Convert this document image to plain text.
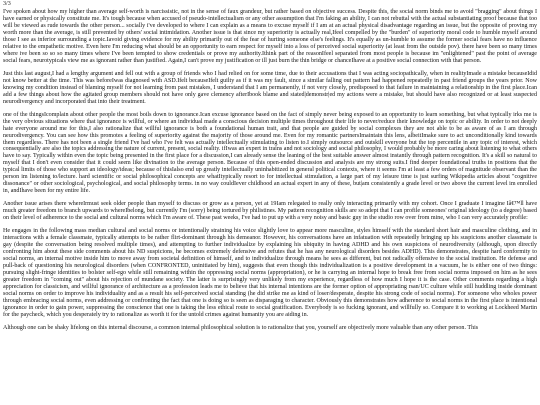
3/3

I've spoken about how my higher than average self-worth is narcissistic, not in the sense of faux grandeur, but rather based on objective success. Despite this, the social norm binds me to avoid "bragging" about things I have earned or physically constitute me. It's tough because when accused of pseudo-intellectualism or any other assumption that I'm faking an ability, I can not rebuttal with the actual substantiating proof because that too will be viewed as rude towards the other person... socially i've developed to where I can explain as a means to excuse myself if I am at an actual physical disadvantage regarding an issue, but the opposite of proving my worth more than the average, is still prevented by others' social intimidation. Another issue is that since my superiority is actually real,Ifeel compelled by the "burden" of superiority moral code to humble myself around those I see as inferior surrounding a topic.Iavoid giving evidence for my ability primarily out of the fear of hurting someone else's feelings. It's equally as un-humble to assume the former social fears have no influence relative to the empathetic motive. Even here I'm reducing what should be an opportunity to earn respect for myself into a loss of perceived social superiority (at least from the outside pov). there have been so many times where ive been so so so many times where I've been tempted to show credentials or prove my authority.Ithink part of the reasonIfeel separated from most people is because im "enlightened" past the point of average social fears, neurotypicals view me as ignorant rather than justified. Again,I can't prove my justification or ill just burn the thin bridge or chanceIhave at a positive social connection with that person.

Just this last august,I had a lengthy argument and fell out with a group of friends who I had relied on for some time, due to their accusations that I was acting sociopathically, when in realityImade a mistake becauseIdid not know better at the time. This was beforeIwas diagnosed with ASD.Ifelt becauseIfelt guilty as if it was my fault, since a similar falling out pattern had happened repeatedly in past friend groups the years prior. Now knowing my condition instead of blaming myself for not learning from past mistakes, I understand that I am permanently, if not very closely, predisposed to that failure in maintaining a relationship in the first place.Ican add a few things about how the agitated group members should not have only gave clemency afterIbook blame and stated|demonstr|ed my actions were a mistake, but should have also recognized or at least suspected neurodivergency and incorporated that into their treatment.

one of the thingsIcomplain about other people the most boils down to ignorance.Ican excuse ignorance based on the fact of simply never being exposed to an opportunity to learn something, but what typically irks me is the very obvious situations where that ignorance is willful, or where an individual made a conscious decision multiple times throughout their life to never/reduce their knowledge on topic or ability. In order to not deeply hate everyone around me for this,I also rationalize that willful ignorance is both a foundational human trait, and that people are guided by social complexes they are not able to be as aware of as I am through neurodivergency. You can see how this promotes a feeling of superiority against the majority of those around me. Even for my romantic partnersImaintain this lens, albeitImake sure to act unconditionally kind towards them regardless. There has not been a single friend I've had who I've felt was actually intellectually stimulating to listen to.I simply outsource and outskill everyone but the top percentile in any topic of interest, which consequentially are also the topics addressing the nature of current, present, social reality. ifIwas an expert in trains and not sociology and social philosophy, I would probably be more caring about listening to what others have to say. Typically within even the topic being presented in the first place for a discussion,I can already sense the leaning of the best suitable answer almost instantly through pattern recognition. It's a skill so natural to myself that I don't even consider that it could seem like divination to the average person. Because of this open-ended discussion and analysis are my strong suits.I find deeper foundational truths in positions that the typical limits of those who support an ideology/ideas; because of thisIalso end up greatly intellectually uninhabitized in general political contexts, where it seems I'm at least a few orders of magnitude observant than the person im listening to/lecture. hard scientific or social philosophical concepts are whatItypically resort to for intellectual stimulation, a large part of my leisure time is just surfing Wikipedia articles about "cognitive dissonance" or other sociological, psychological, and social philosophy terms. in no way couldIever childhood an actual expert in any of these, but|am consistently a grade level or two above the current level im enrolled in, andIhave been for my entire life.

Another issue arises there whereIrmust seek older people than myself to discuss or grow as a person, yet at 19Iam relegated to really only interacting primarily with my cohort. Once I graduate I imagine Iâ€™ll have much greater freedom to branch upwards to whereIbelong, but currently I'm (sorry) being tortured by philistines. My pattern recognition skills are so adept that I can profile someones' original ideology (to a degree) based on their level of adherence to the social and cultural norms which I'm aware of. These past weeks, I've had to put up with a very noisy and basic guy in the studio row over from mine, who I can very accurately profile:

He engages in the following mass median cultural and social norms or intentionally straining his voice slightly love to appear more masculine, styles himself with the standard short hair and masculine clothing, and in interactions with a female classmate, typically attempts to be rather flirt-dominant through his demeanor. However, his conversations have an infatuation with repeatedly bringing up his suspicions another classmate is gay (despite the conversation being resolved multiple times), and attempting to further individualize by explaining his ubiquity in having ADHD and his own suspicions of neurodiversity (although, upon directly confronting him about these side comments about his ND suspicions, he becomes extremely defensive and refutes that he has any neurological disorders besides ADHD). This demonstrates, despite hard conformity to social norms, an internal motive inside him to move away from societal definition of himself, and to individualize through means he sees as different, but not radically offensive to the social institution. He defense and pull-back of questioning his neurological disorders (when CONFRONTED, uninitiated by him), suggests that even though this individualization is a positive development in a vacuum, he is either one of two things: pursuing slight-fringe identities to bolster self-ego while still remaining within the oppressing social norms (appropriation), or he is carrying an internal hope to break free from social norms imposed on him as he sees greater freedom in "coming out" about his rejection of mundane society. The latter is surprisingly very unlikely from my experience, regardless of how much I hope it is the case. Other comments regarding a high appreciation for classicism, and willful ignorance of architecture as a profession leads me to believe that his internal intentions are the former option of appropriating rsan/UC culture while still huddling inside dominant social norms on order to improve his individuality and as a result his self-perceived social standing (he did strike me as kind of loser/desperate, despite his strong code of social norms). For someone who wholes power through embracing social norms, even addressing or confronting the fact that one is doing so is seen as disparaging to character. Obviously this demonstrates how adherence to social norms in the first place is intentional ignorance in order to gain power, suppressing the conscience that one is taking the less ethical route to social gratification. Everybody is so fucking ignorant, and willfully so. Compare it to working at Lockheed Martin for the paycheck, which you desperately try to rationalize as worth it for the untold crimes against humanity you are aiding in.

Although one can be shaky lifelong on this internal discourse, a common internal philosophical solution is to rationalize that you, yourself are objectively more valuable than any other person. This
